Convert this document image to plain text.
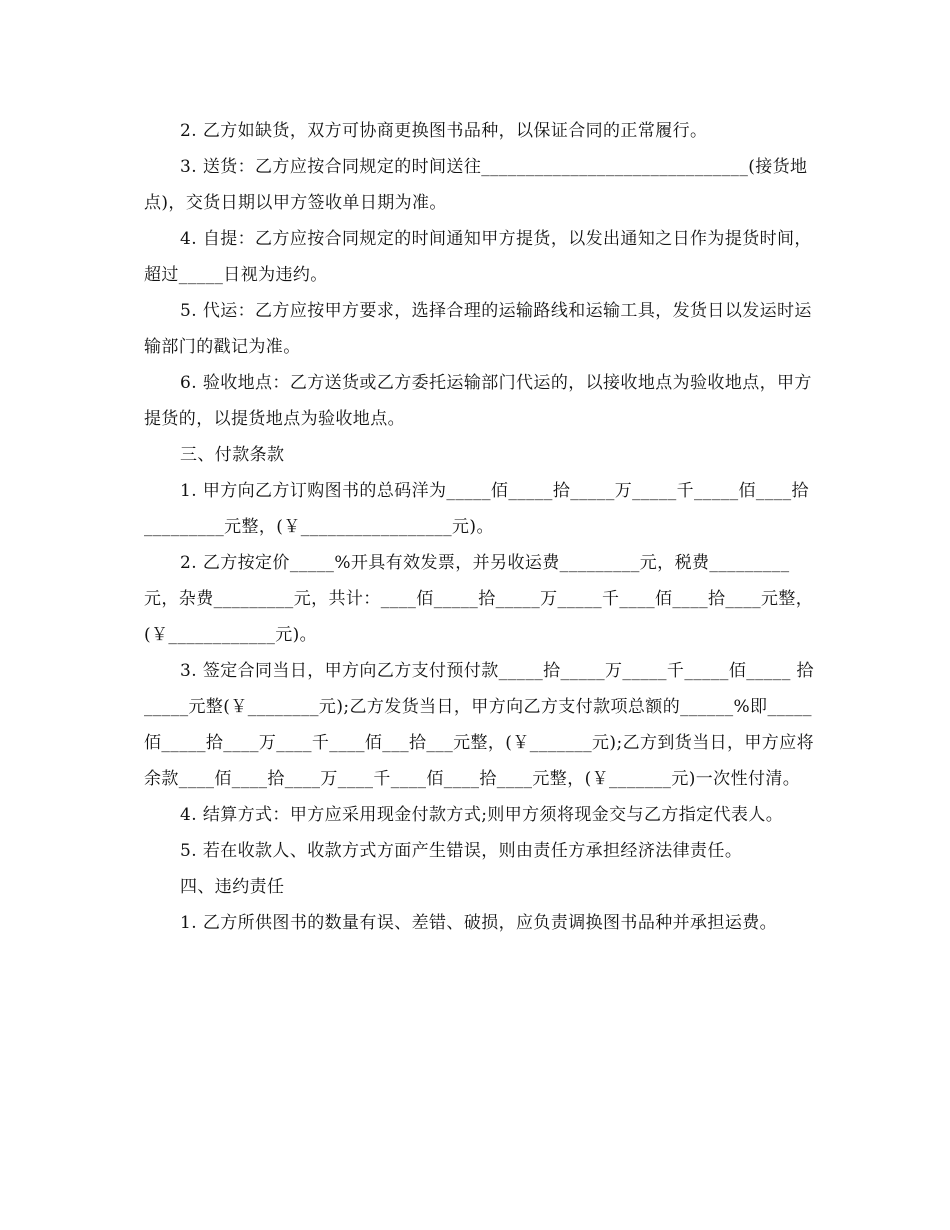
2. 乙方如缺货，双方可协商更换图书品种，以保证合同的正常履行。

3. 送货：乙方应按合同规定的时间送往______________________________(接货地点)，交货日期以甲方签收单日期为准。

4. 自提：乙方应按合同规定的时间通知甲方提货，以发出通知之日作为提货时间，超过_____日视为违约。

5. 代运：乙方应按甲方要求，选择合理的运输路线和运输工具，发货日以发运时运输部门的戳记为准。

6. 验收地点：乙方送货或乙方委托运输部门代运的，以接收地点为验收地点，甲方提货的，以提货地点为验收地点。

三、付款条款

1. 甲方向乙方订购图书的总码洋为_____佰_____拾_____万_____千_____佰____拾_________元整，(￥_________________元)。

2. 乙方按定价_____%开具有效发票，并另收运费_________元，税费_________元，杂费_________元，共计：____佰_____拾_____万_____千____佰____拾____元整，(￥____________元)。

3. 签定合同当日，甲方向乙方支付预付款_____拾_____万_____千_____佰_____ 拾_____元整(￥________元);乙方发货当日，甲方向乙方支付款项总额的______%即_____佰_____拾____万____千____佰___拾___元整，(￥_______元);乙方到货当日，甲方应将余款____佰____拾____万____千____佰____拾____元整，(￥_______元)一次性付清。

4. 结算方式：甲方应采用现金付款方式;则甲方须将现金交与乙方指定代表人。

5. 若在收款人、收款方式方面产生错误，则由责任方承担经济法律责任。

四、违约责任

1. 乙方所供图书的数量有误、差错、破损，应负责调换图书品种并承担运费。
